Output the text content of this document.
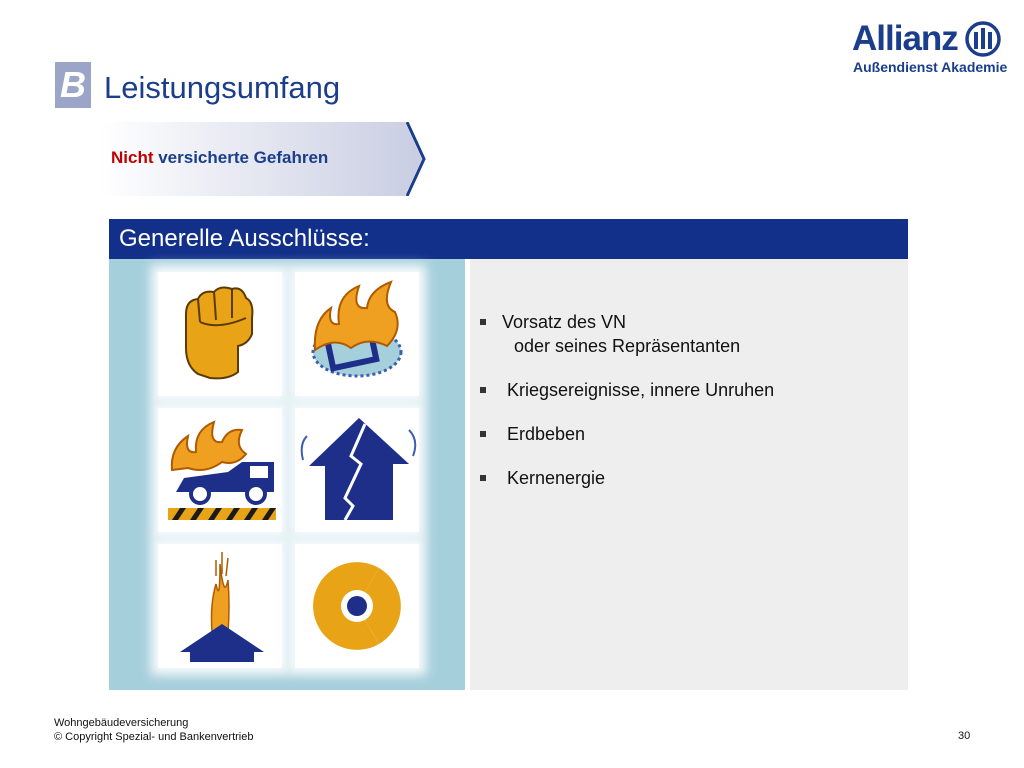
Allianz
Außendienst Akademie
B Leistungsumfang
Nicht versicherte Gefahren
Generelle Ausschlüsse:
Vorsatz des VN
oder seines Repräsentanten
Kriegsereignisse, innere Unruhen
Erdbeben
Kernenergie
Wohngebäudeversicherung
© Copyright Spezial- und Bankenvertrieb	30
